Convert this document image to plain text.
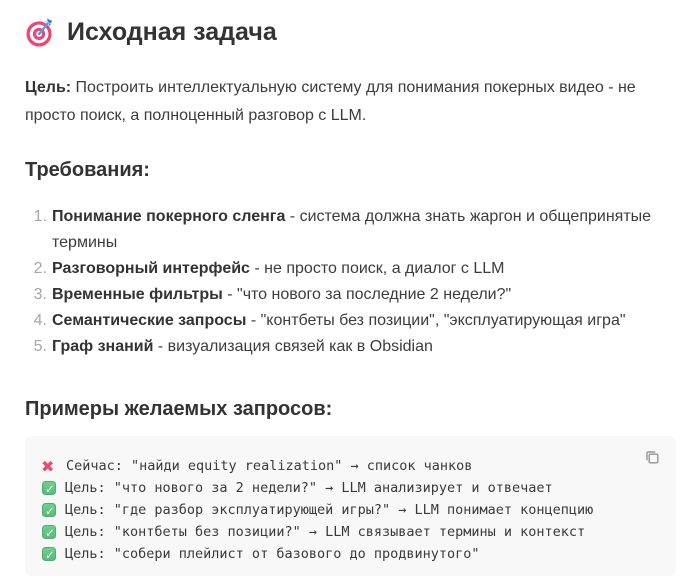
Исходная задача

Цель: Построить интеллектуальную систему для понимания покерных видео - не просто поиск, а полноценный разговор с LLM.

Требования:
1. Понимание покерного сленга - система должна знать жаргон и общепринятые термины
2. Разговорный интерфейс - не просто поиск, а диалог с LLM
3. Временные фильтры - "что нового за последние 2 недели?"
4. Семантические запросы - "контбеты без позиции", "эксплуатирующая игра"
5. Граф знаний - визуализация связей как в Obsidian
Примеры желаемых запросов:
✖
Сейчас: "найди equity realization" → список чанков
✓
Цель: "что нового за 2 недели?" → LLM анализирует и отвечает
✓
Цель: "где разбор эксплуатирующей игры?" → LLM понимает концепцию
✓
Цель: "контбеты без позиции?" → LLM связывает термины и контекст
✓
Цель: "собери плейлист от базового до продвинутого"
